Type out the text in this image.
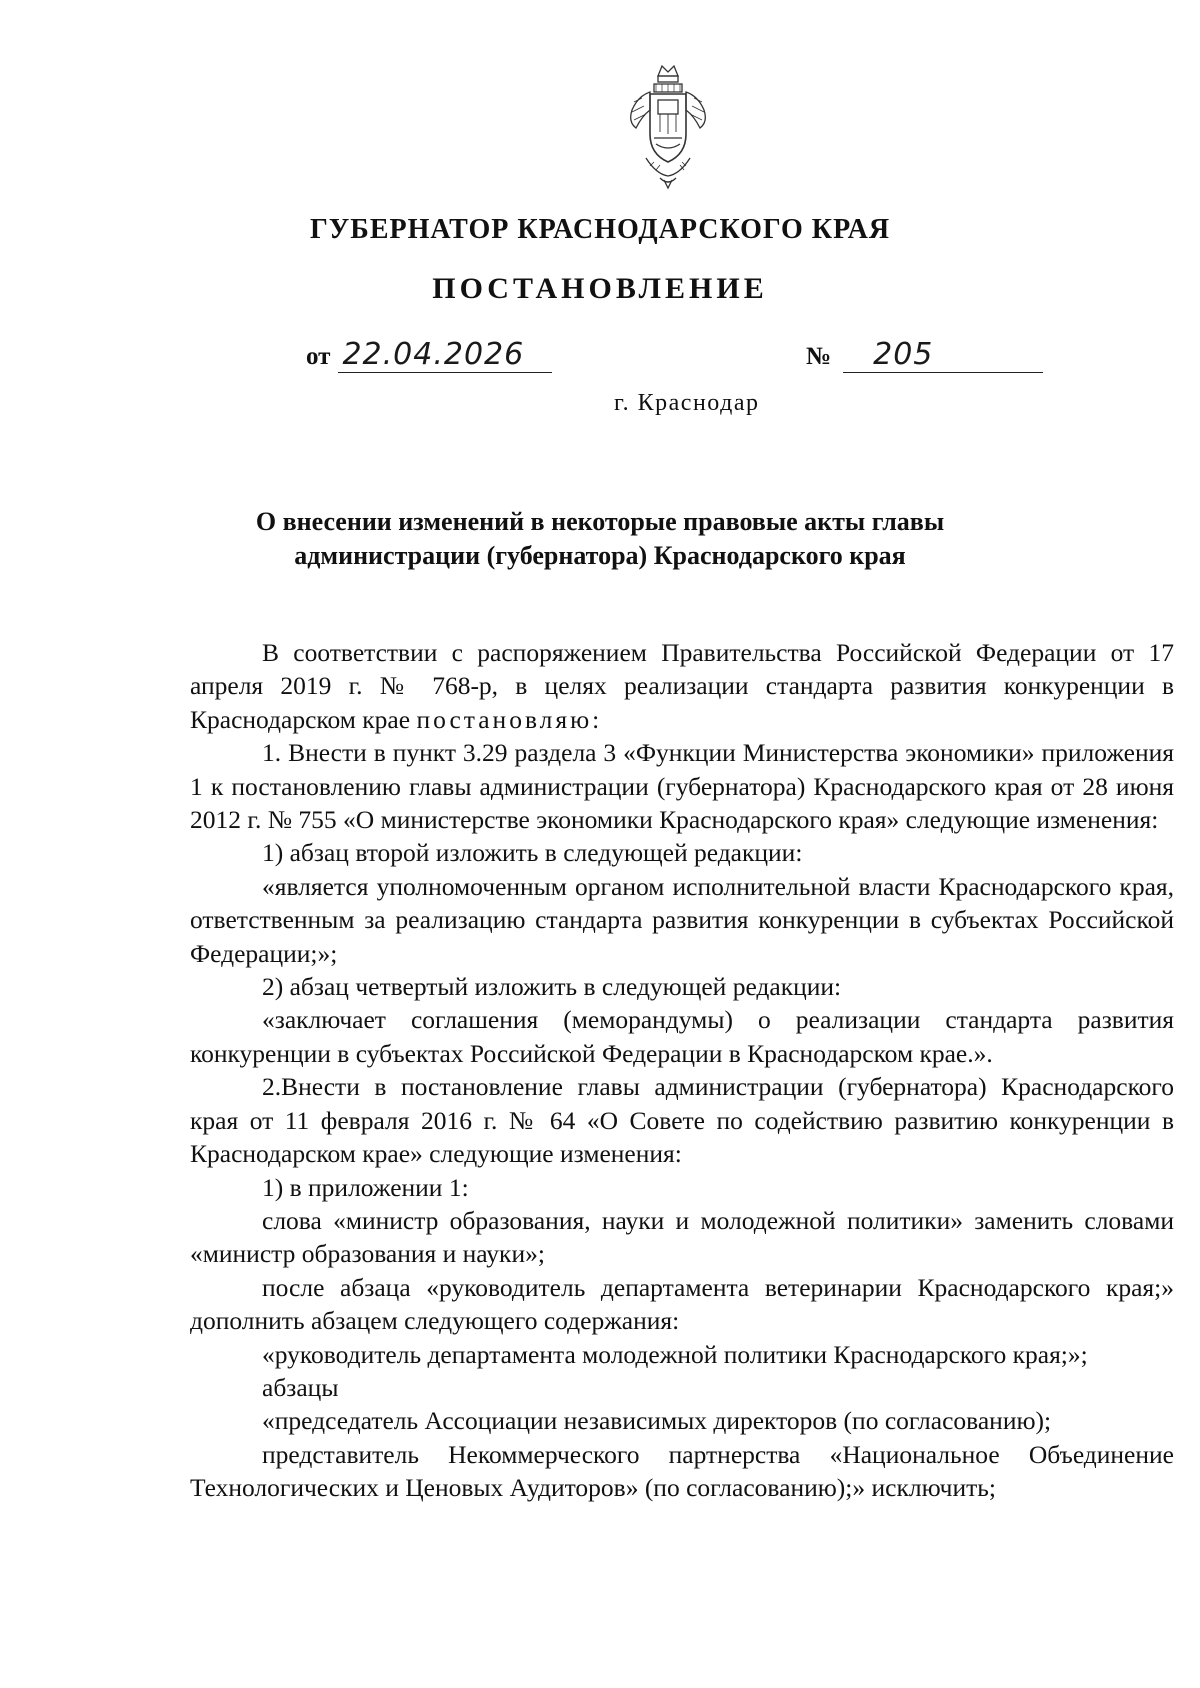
ГУБЕРНАТОР КРАСНОДАРСКОГО КРАЯ
ПОСТАНОВЛЕНИЕ
от 22.04.2026	№	205

г. Краснодар

О внесении изменений в некоторые правовые акты главы
администрации (губернатора) Краснодарского края

В соответствии с распоряжением Правительства Российской Федерации от 17 апреля 2019 г. № 768-р, в целях реализации стандарта развития конкуренции в Краснодарском крае постановляю:

1. Внести в пункт 3.29 раздела 3 «Функции Министерства экономики» приложения 1 к постановлению главы администрации (губернатора) Краснодарского края от 28 июня 2012 г. № 755 «О министерстве экономики Краснодарского края» следующие изменения:

1) абзац второй изложить в следующей редакции:

«является уполномоченным органом исполнительной власти Краснодарского края, ответственным за реализацию стандарта развития конкуренции в субъектах Российской Федерации;»;

2) абзац четвертый изложить в следующей редакции:

«заключает соглашения (меморандумы) о реализации стандарта развития конкуренции в субъектах Российской Федерации в Краснодарском крае.».

2.Внести в постановление главы администрации (губернатора) Краснодарского края от 11 февраля 2016 г. № 64 «О Совете по содействию развитию конкуренции в Краснодарском крае» следующие изменения:

1) в приложении 1:

слова «министр образования, науки и молодежной политики» заменить словами «министр образования и науки»;

после абзаца «руководитель департамента ветеринарии Краснодарского края;» дополнить абзацем следующего содержания:

«руководитель департамента молодежной политики Краснодарского края;»;

абзацы

«председатель Ассоциации независимых директоров (по согласованию);

представитель Некоммерческого партнерства «Национальное Объединение Технологических и Ценовых Аудиторов» (по согласованию);» исключить;
